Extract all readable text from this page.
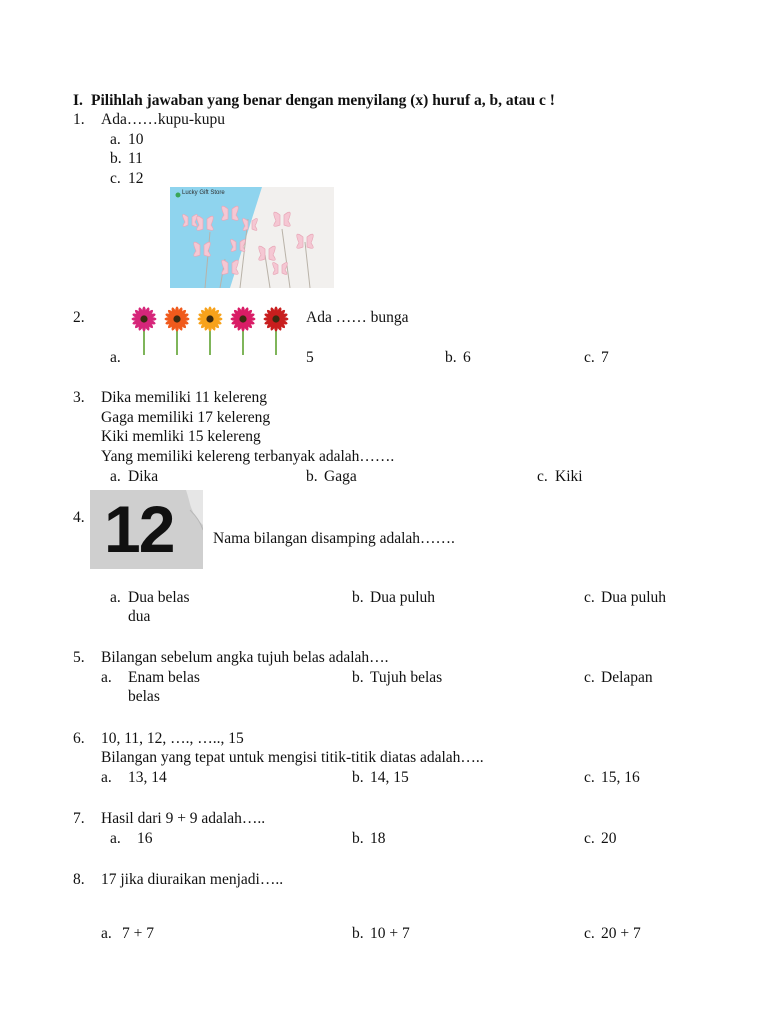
I. Pilihlah jawaban yang benar dengan menyilang (x) huruf a, b, atau c !
1. Ada……kupu-kupu
a. 10
b. 11
c. 12
Lucky Gift Store
2.	Ada …… bunga
a.	5	b. 6	c. 7
3. Dika memiliki 11 kelereng
Gaga memiliki 17 kelereng
Kiki memliki 15 kelereng
Yang memiliki kelereng terbanyak adalah…….
a. Dika	b. Gaga	c. Kiki
4. 12	Nama bilangan disamping adalah…….
a. Dua belas
dua
b. Dua puluh	c. Dua puluh
5. Bilangan sebelum angka tujuh belas adalah….
a. Enam belas
belas
b. Tujuh belas	c. Delapan
6. 10, 11, 12, …., ….., 15
Bilangan yang tepat untuk mengisi titik-titik diatas adalah…..
a. 13, 14	b. 14, 15	c. 15, 16
7. Hasil dari 9 + 9 adalah…..
a. 16	b. 18	c. 20
8. 17 jika diuraikan menjadi…..
a. 7 + 7	b. 10 + 7	c. 20 + 7
